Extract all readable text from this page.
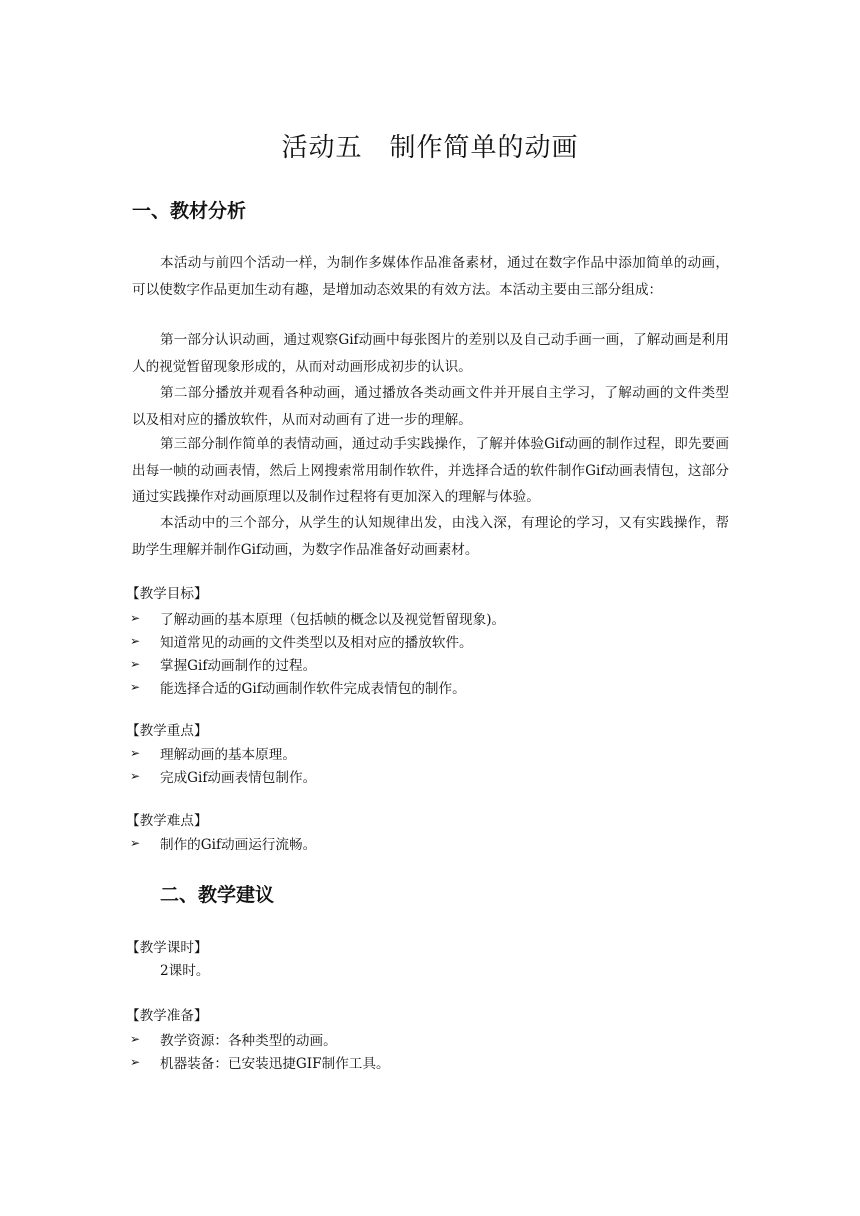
活动五　制作简单的动画
一、教材分析

本活动与前四个活动一样，为制作多媒体作品准备素材，通过在数字作品中添加简单的动画，可以使数字作品更加生动有趣，是增加动态效果的有效方法。本活动主要由三部分组成：

第一部分认识动画，通过观察Gif动画中每张图片的差别以及自己动手画一画，了解动画是利用人的视觉暂留现象形成的，从而对动画形成初步的认识。

第二部分播放并观看各种动画，通过播放各类动画文件并开展自主学习，了解动画的文件类型以及相对应的播放软件，从而对动画有了进一步的理解。

第三部分制作简单的表情动画，通过动手实践操作，了解并体验Gif动画的制作过程，即先要画出每一帧的动画表情，然后上网搜索常用制作软件，并选择合适的软件制作Gif动画表情包，这部分通过实践操作对动画原理以及制作过程将有更加深入的理解与体验。

本活动中的三个部分，从学生的认知规律出发，由浅入深，有理论的学习，又有实践操作，帮助学生理解并制作Gif动画，为数字作品准备好动画素材。

【教学目标】
➢	了解动画的基本原理（包括帧的概念以及视觉暂留现象)。
➢	知道常见的动画的文件类型以及相对应的播放软件。
➢	掌握Gif动画制作的过程。
➢	能选择合适的Gif动画制作软件完成表情包的制作。
【教学重点】
➢	理解动画的基本原理。
➢	完成Gif动画表情包制作。
【教学难点】
➢	制作的Gif动画运行流畅。
二、教学建议
【教学课时】
2课时。
【教学准备】
➢	教学资源：各种类型的动画。
➢	机器装备：已安装迅捷GIF制作工具。
